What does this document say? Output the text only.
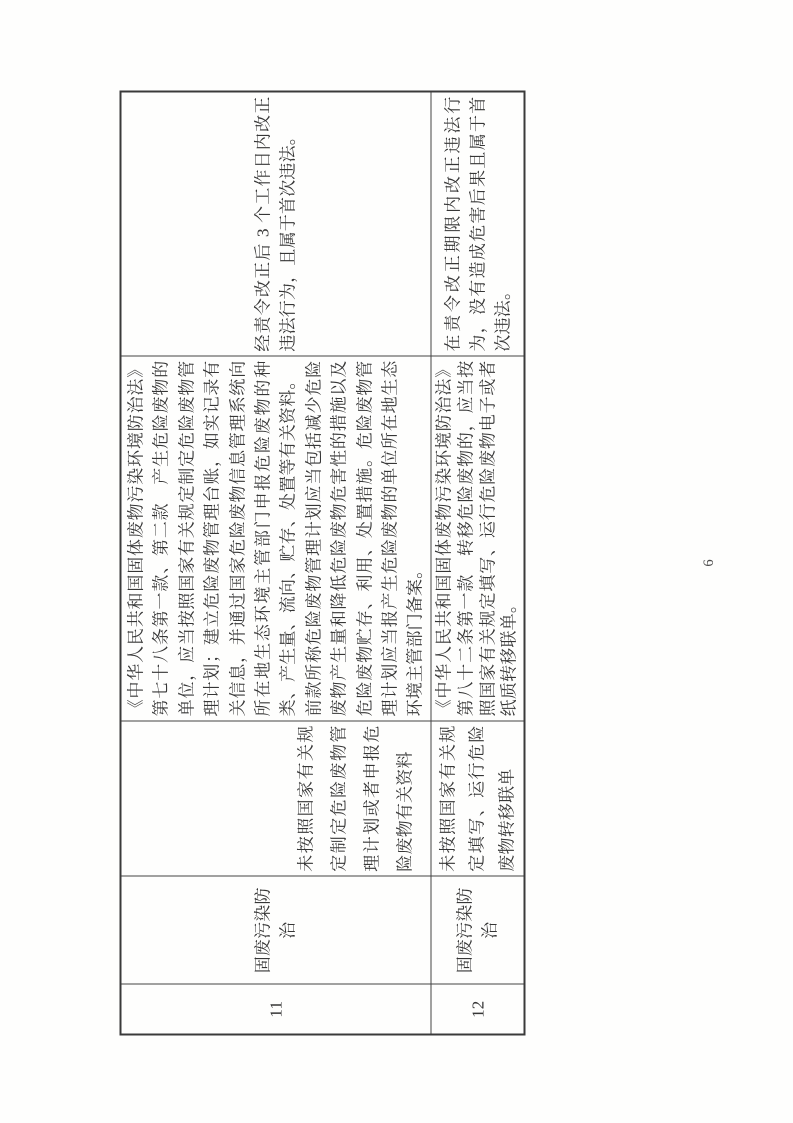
11	固废污染防治	未按照国家有关规定制定危险废物管理计划或者申报危险废物有关资料	《中华人民共和国固体废物污染环境防治法》第七十八条第一款、第二款　产生危险废物的单位，应当按照国家有关规定制定危险废物管理计划；建立危险废物管理台账，如实记录有关信息，并通过国家危险废物信息管理系统向所在地生态环境主管部门申报危险废物的种类、产生量、流向、贮存、处置等有关资料。 前款所称危险废物管理计划应当包括减少危险废物产生量和降低危险废物危害性的措施以及危险废物贮存、利用、处置措施。危险废物管理计划应当报产生危险废物的单位所在地生态环境主管部门备案。	经责令改正后 3 个工作日内改正违法行为，且属于首次违法。
12	固废污染防治	未按照国家有关规定填写、运行危险废物转移联单	《中华人民共和国固体废物污染环境防治法》第八十二条第一款　转移危险废物的，应当按照国家有关规定填写、运行危险废物电子或者纸质转移联单。	在责令改正期限内改正违法行为，没有造成危害后果且属于首次违法。
6
